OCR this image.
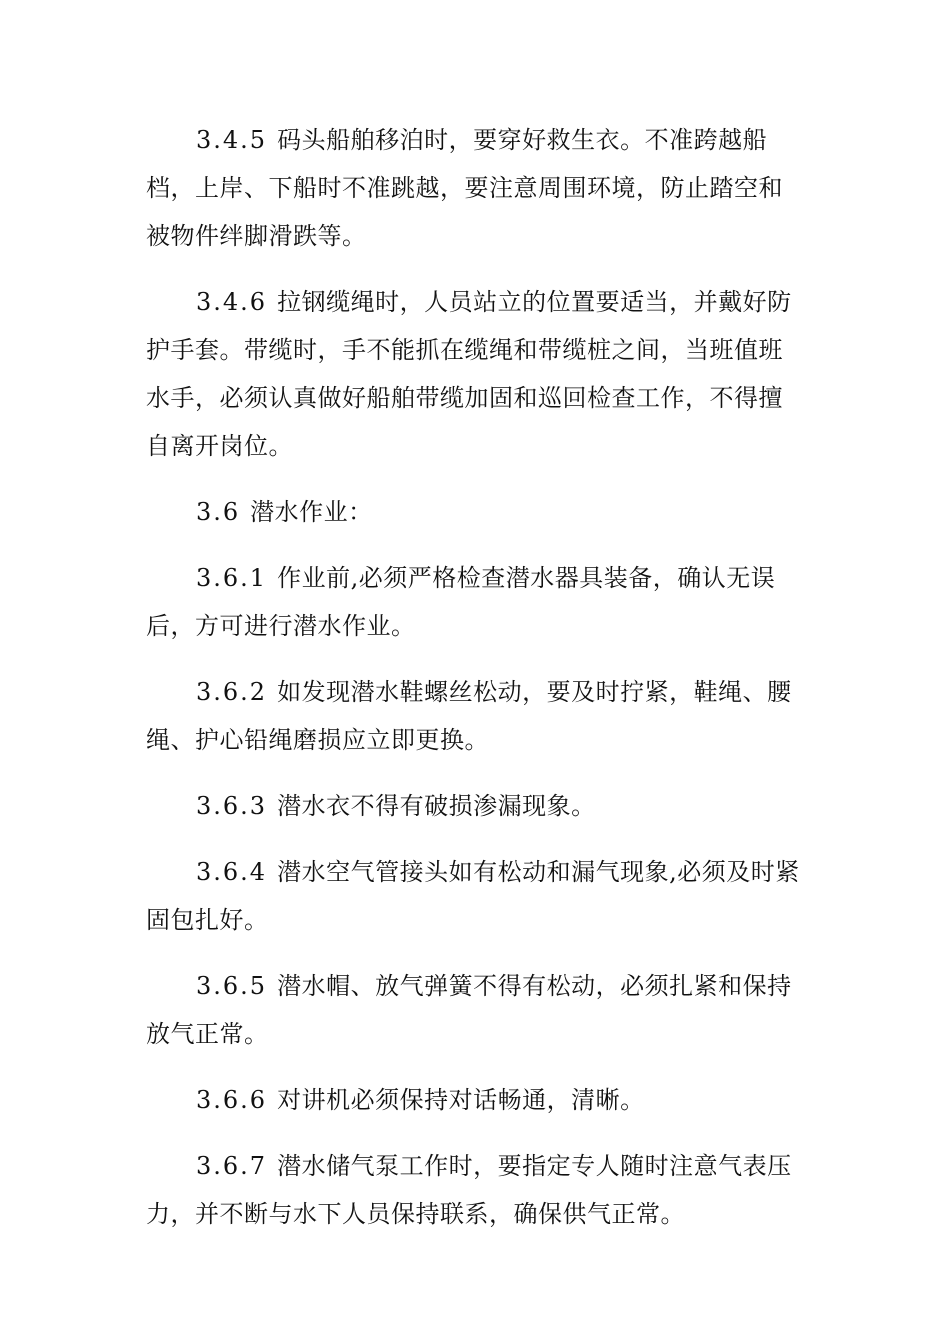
3.4.5 码头船舶移泊时，要穿好救生衣。不准跨越船档，上岸、下船时不准跳越，要注意周围环境，防止踏空和被物件绊脚滑跌等。

3.4.6 拉钢缆绳时，人员站立的位置要适当，并戴好防护手套。带缆时，手不能抓在缆绳和带缆桩之间，当班值班水手，必须认真做好船舶带缆加固和巡回检查工作，不得擅自离开岗位。

3.6 潜水作业：

3.6.1 作业前,必须严格检查潜水器具装备，确认无误后，方可进行潜水作业。

3.6.2 如发现潜水鞋螺丝松动，要及时拧紧，鞋绳、腰绳、护心铅绳磨损应立即更换。

3.6.3 潜水衣不得有破损渗漏现象。

3.6.4 潜水空气管接头如有松动和漏气现象,必须及时紧固包扎好。

3.6.5 潜水帽、放气弹簧不得有松动，必须扎紧和保持放气正常。

3.6.6 对讲机必须保持对话畅通，清晰。

3.6.7 潜水储气泵工作时，要指定专人随时注意气表压力，并不断与水下人员保持联系，确保供气正常。
